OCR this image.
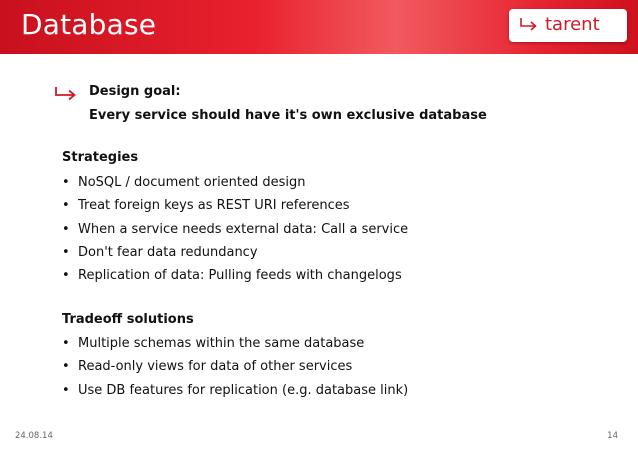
Database	tarent
Design goal:
Every service should have it's own exclusive database
Strategies
• NoSQL / document oriented design
• Treat foreign keys as REST URI references
• When a service needs external data: Call a service
• Don't fear data redundancy
• Replication of data: Pulling feeds with changelogs
Tradeoff solutions
• Multiple schemas within the same database
• Read-only views for data of other services
• Use DB features for replication (e.g. database link)
24.08.14	14
